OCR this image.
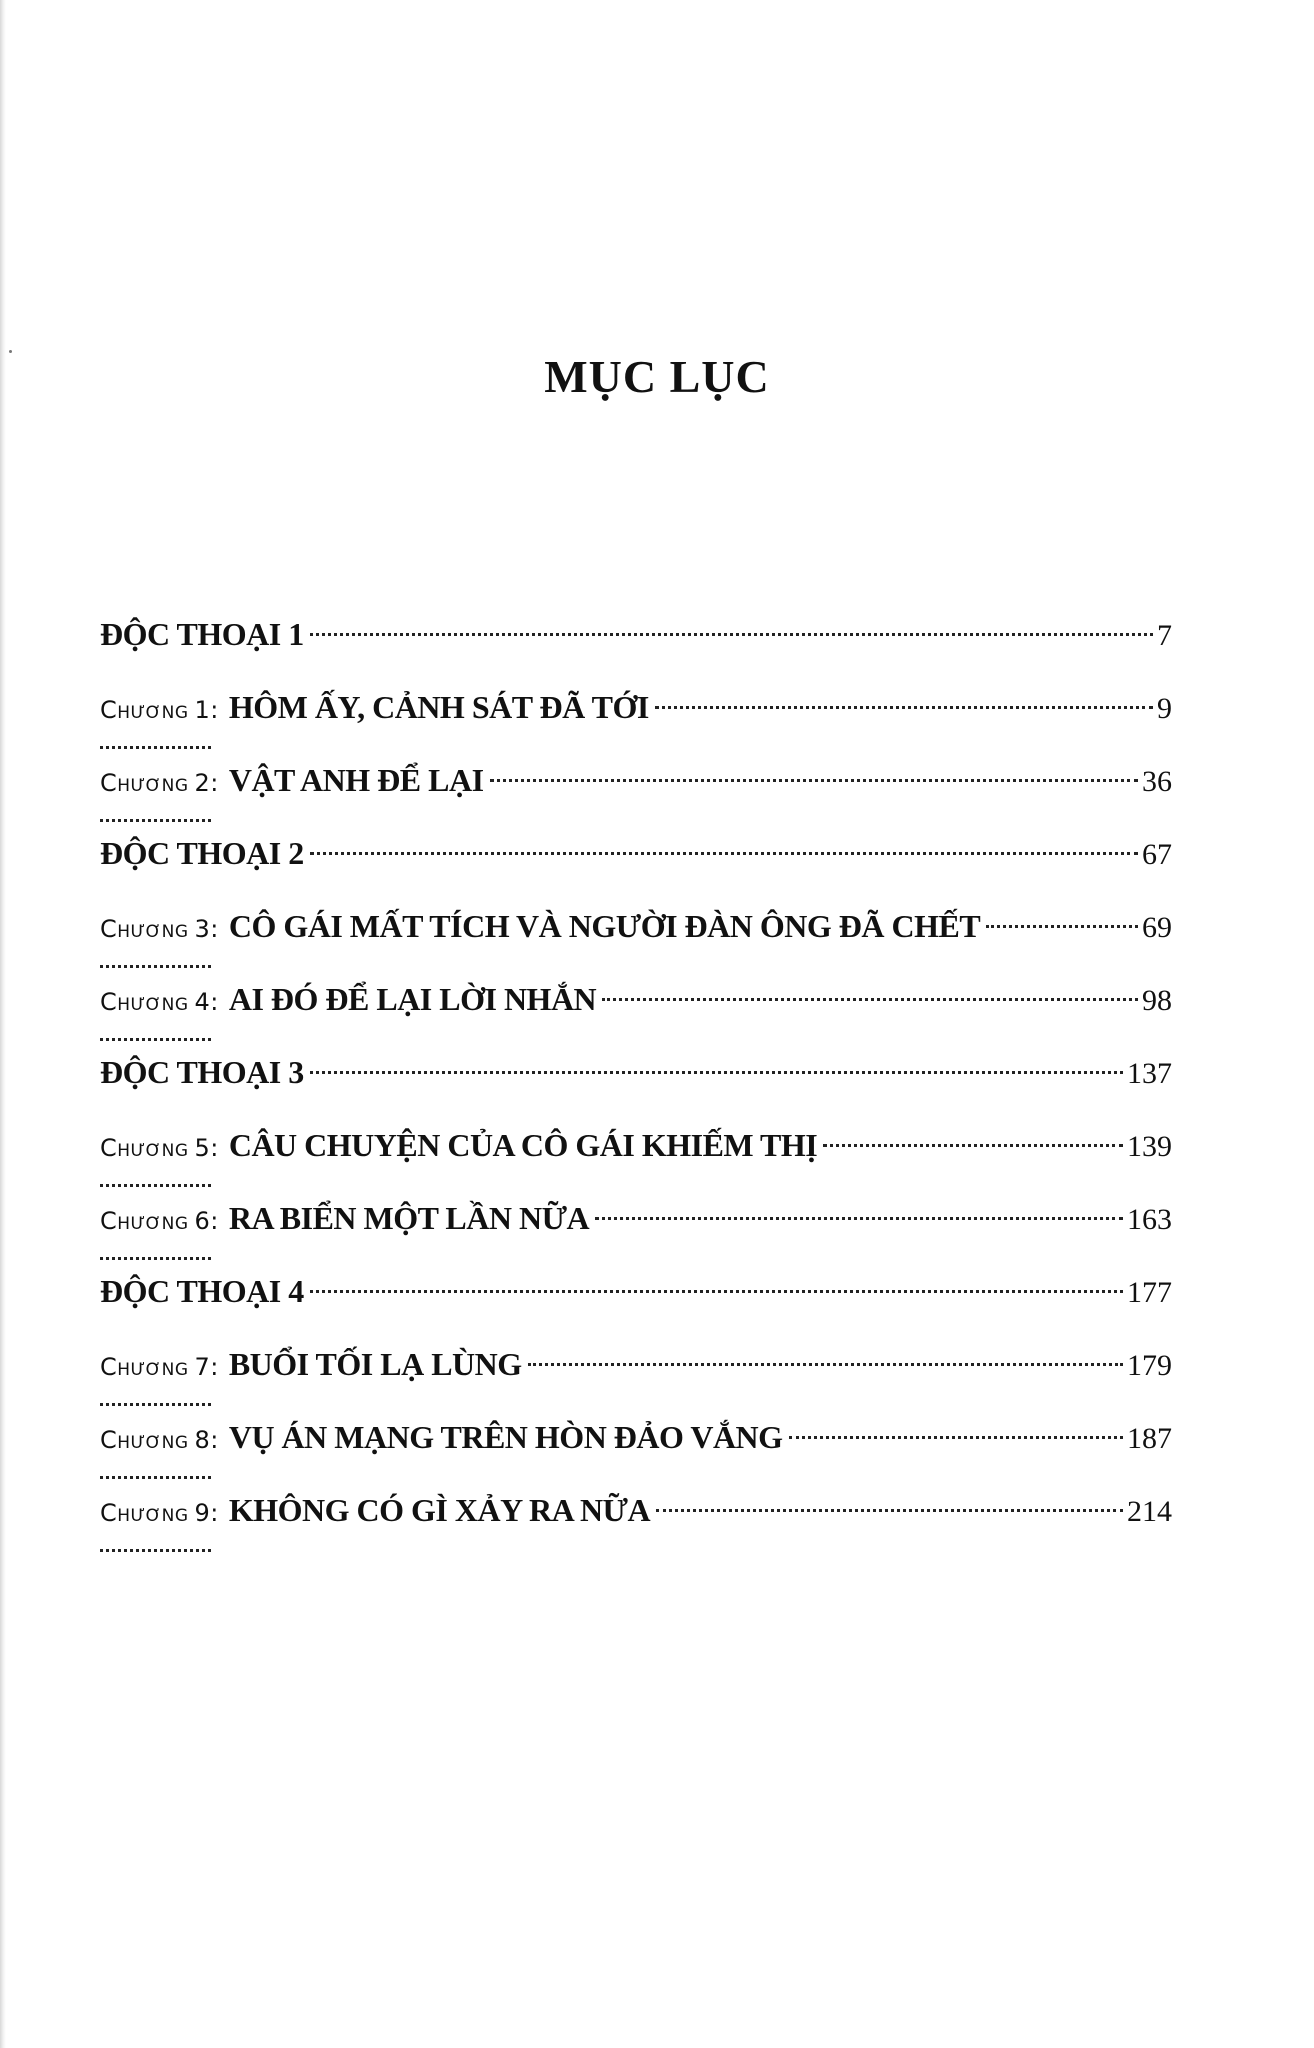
MỤC LỤC
ĐỘC THOẠI 1	7
CHƯƠNG 1: HÔM ẤY, CẢNH SÁT ĐÃ TỚI	9
CHƯƠNG 2: VẬT ANH ĐỂ LẠI	36
ĐỘC THOẠI 2	67
CHƯƠNG 3: CÔ GÁI MẤT TÍCH VÀ NGƯỜI ĐÀN ÔNG ĐÃ CHẾT	69
CHƯƠNG 4: AI ĐÓ ĐỂ LẠI LỜI NHẮN	98
ĐỘC THOẠI 3	137
CHƯƠNG 5: CÂU CHUYỆN CỦA CÔ GÁI KHIẾM THỊ	139
CHƯƠNG 6: RA BIỂN MỘT LẦN NỮA	163
ĐỘC THOẠI 4	177
CHƯƠNG 7: BUỔI TỐI LẠ LÙNG	179
CHƯƠNG 8: VỤ ÁN MẠNG TRÊN HÒN ĐẢO VẮNG	187
CHƯƠNG 9: KHÔNG CÓ GÌ XẢY RA NỮA	214
